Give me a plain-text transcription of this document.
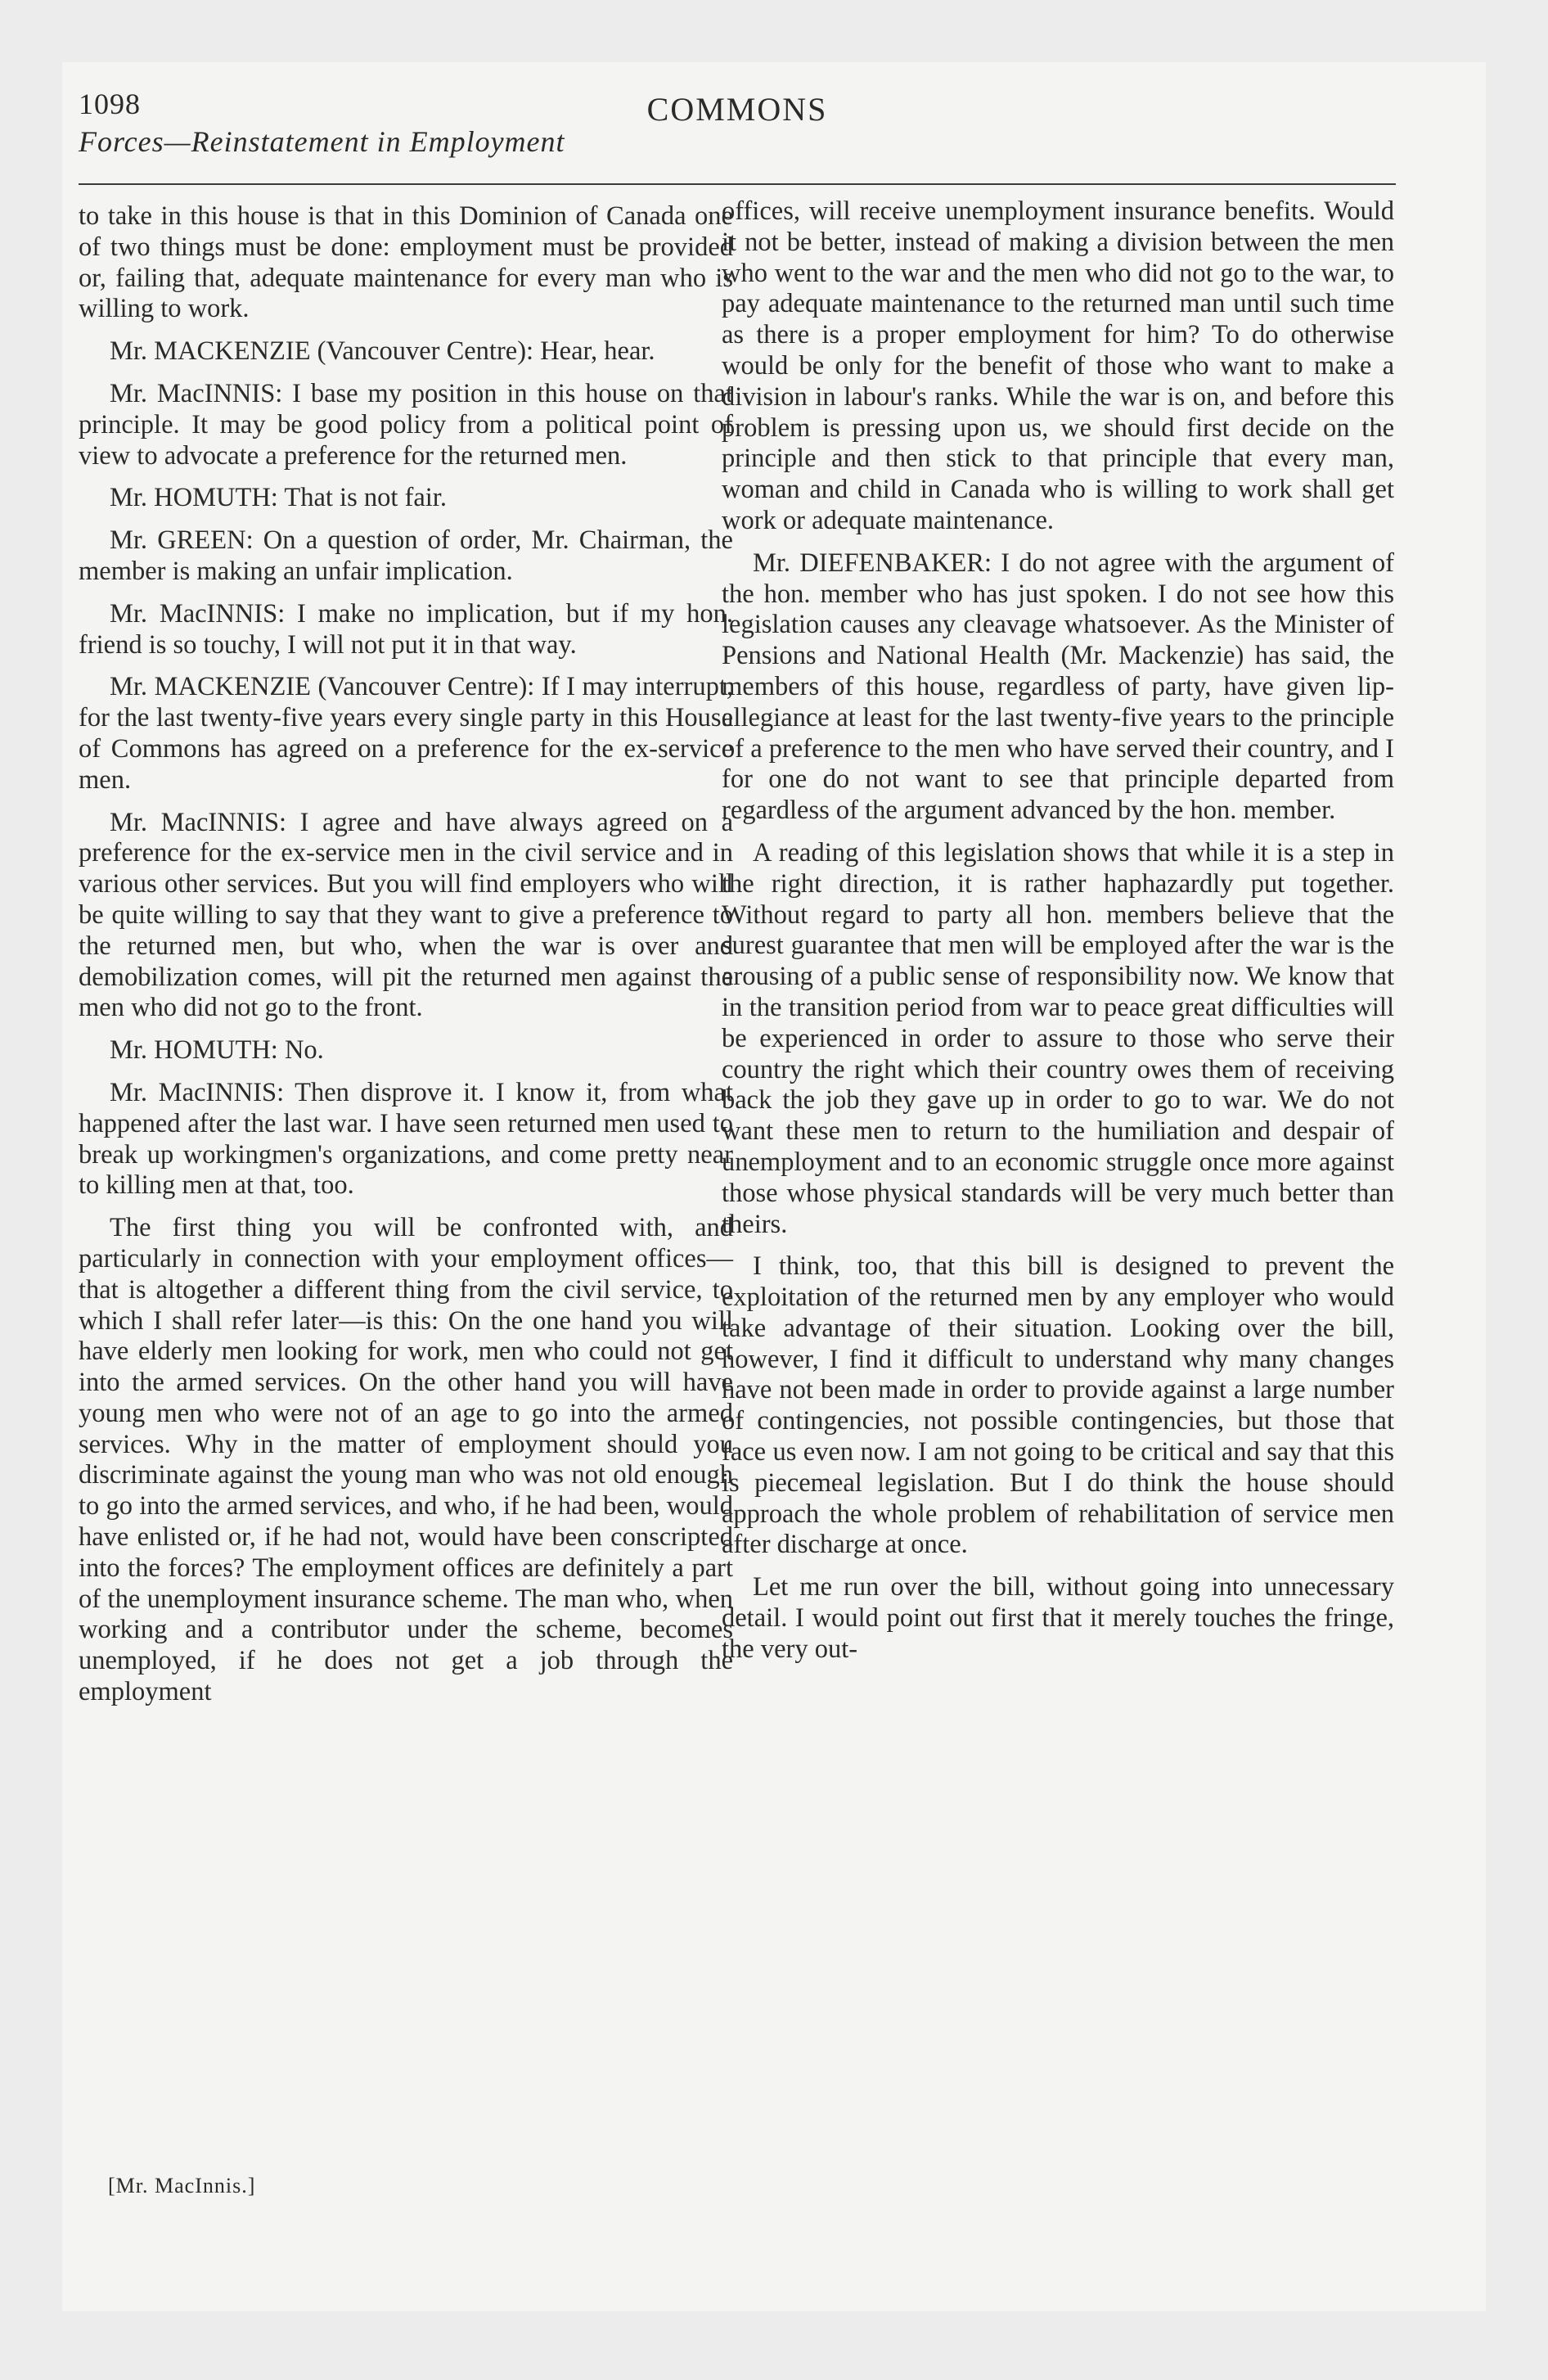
1098	COMMONS
Forces—Reinstatement in Employment

to take in this house is that in this Dominion of Canada one of two things must be done: employment must be provided or, failing that, adequate maintenance for every man who is willing to work.

Mr. MACKENZIE (Vancouver Centre): Hear, hear.

Mr. MacINNIS: I base my position in this house on that principle. It may be good policy from a political point of view to advocate a preference for the returned men.

Mr. HOMUTH: That is not fair.

Mr. GREEN: On a question of order, Mr. Chairman, the member is making an unfair implication.

Mr. MacINNIS: I make no implication, but if my hon. friend is so touchy, I will not put it in that way.

Mr. MACKENZIE (Vancouver Centre): If I may interrupt, for the last twenty-five years every single party in this House of Commons has agreed on a preference for the ex-service men.

Mr. MacINNIS: I agree and have always agreed on a preference for the ex-service men in the civil service and in various other services. But you will find employers who will be quite willing to say that they want to give a preference to the returned men, but who, when the war is over and demobilization comes, will pit the returned men against the men who did not go to the front.

Mr. HOMUTH: No.

Mr. MacINNIS: Then disprove it. I know it, from what happened after the last war. I have seen returned men used to break up workingmen's organizations, and come pretty near to killing men at that, too.

The first thing you will be confronted with, and particularly in connection with your employment offices—that is altogether a different thing from the civil service, to which I shall refer later—is this: On the one hand you will have elderly men looking for work, men who could not get into the armed services. On the other hand you will have young men who were not of an age to go into the armed services. Why in the matter of employment should you discriminate against the young man who was not old enough to go into the armed services, and who, if he had been, would have enlisted or, if he had not, would have been conscripted into the forces? The employment offices are definitely a part of the unemployment insurance scheme. The man who, when working and a contributor under the scheme, becomes unemployed, if he does not get a job through the employment

offices, will receive unemployment insurance benefits. Would it not be better, instead of making a division between the men who went to the war and the men who did not go to the war, to pay adequate maintenance to the returned man until such time as there is a proper employment for him? To do otherwise would be only for the benefit of those who want to make a division in labour's ranks. While the war is on, and before this problem is pressing upon us, we should first decide on the principle and then stick to that principle that every man, woman and child in Canada who is willing to work shall get work or adequate maintenance.

Mr. DIEFENBAKER: I do not agree with the argument of the hon. member who has just spoken. I do not see how this legislation causes any cleavage whatsoever. As the Minister of Pensions and National Health (Mr. Mackenzie) has said, the members of this house, regardless of party, have given lip-allegiance at least for the last twenty-five years to the principle of a preference to the men who have served their country, and I for one do not want to see that principle departed from regardless of the argument advanced by the hon. member.

A reading of this legislation shows that while it is a step in the right direction, it is rather haphazardly put together. Without regard to party all hon. members believe that the surest guarantee that men will be employed after the war is the arousing of a public sense of responsibility now. We know that in the transition period from war to peace great difficulties will be experienced in order to assure to those who serve their country the right which their country owes them of receiving back the job they gave up in order to go to war. We do not want these men to return to the humiliation and despair of unemployment and to an economic struggle once more against those whose physical standards will be very much better than theirs.

I think, too, that this bill is designed to prevent the exploitation of the returned men by any employer who would take advantage of their situation. Looking over the bill, however, I find it difficult to understand why many changes have not been made in order to provide against a large number of contingencies, not possible contingencies, but those that face us even now. I am not going to be critical and say that this is piecemeal legislation. But I do think the house should approach the whole problem of rehabilitation of service men after discharge at once.

Let me run over the bill, without going into unnecessary detail. I would point out first that it merely touches the fringe, the very out-

[Mr. MacInnis.]
